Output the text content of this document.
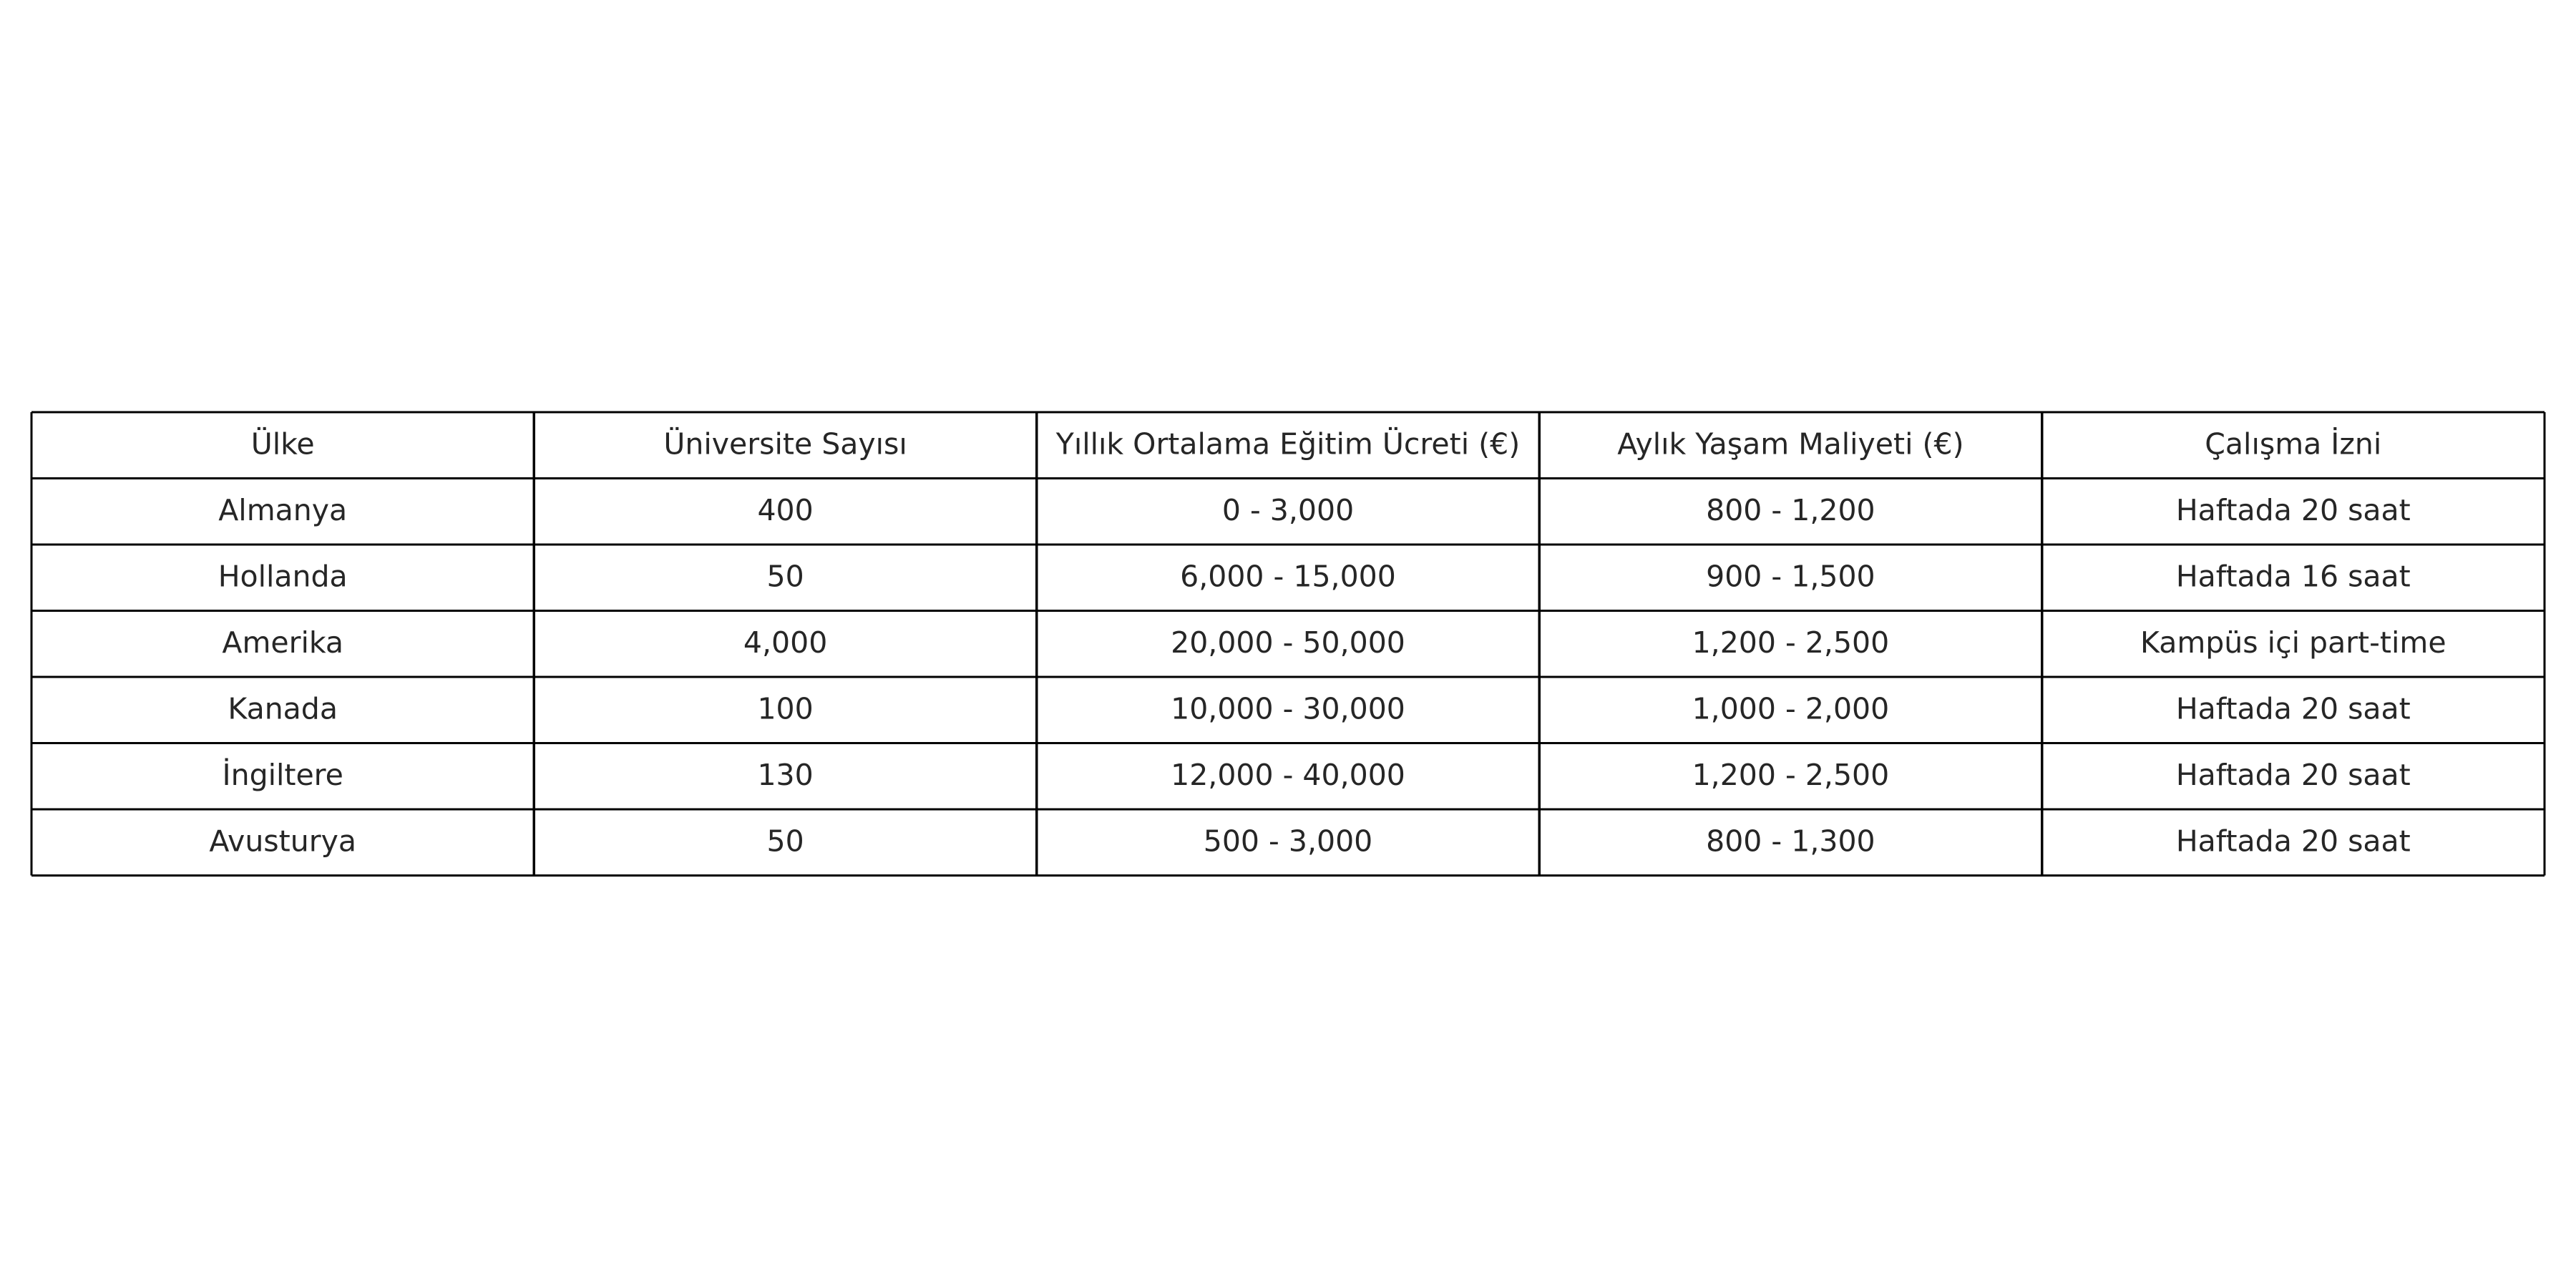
Ülke	Üniversite Sayısı	Yıllık Ortalama Eğitim Ücreti (€)	Aylık Yaşam Maliyeti (€)	Çalışma İzni
Almanya	400	0 - 3,000	800 - 1,200	Haftada 20 saat
Hollanda	50	6,000 - 15,000	900 - 1,500	Haftada 16 saat
Amerika	4,000	20,000 - 50,000	1,200 - 2,500	Kampüs içi part-time
Kanada	100	10,000 - 30,000	1,000 - 2,000	Haftada 20 saat
İngiltere	130	12,000 - 40,000	1,200 - 2,500	Haftada 20 saat
Avusturya	50	500 - 3,000	800 - 1,300	Haftada 20 saat
